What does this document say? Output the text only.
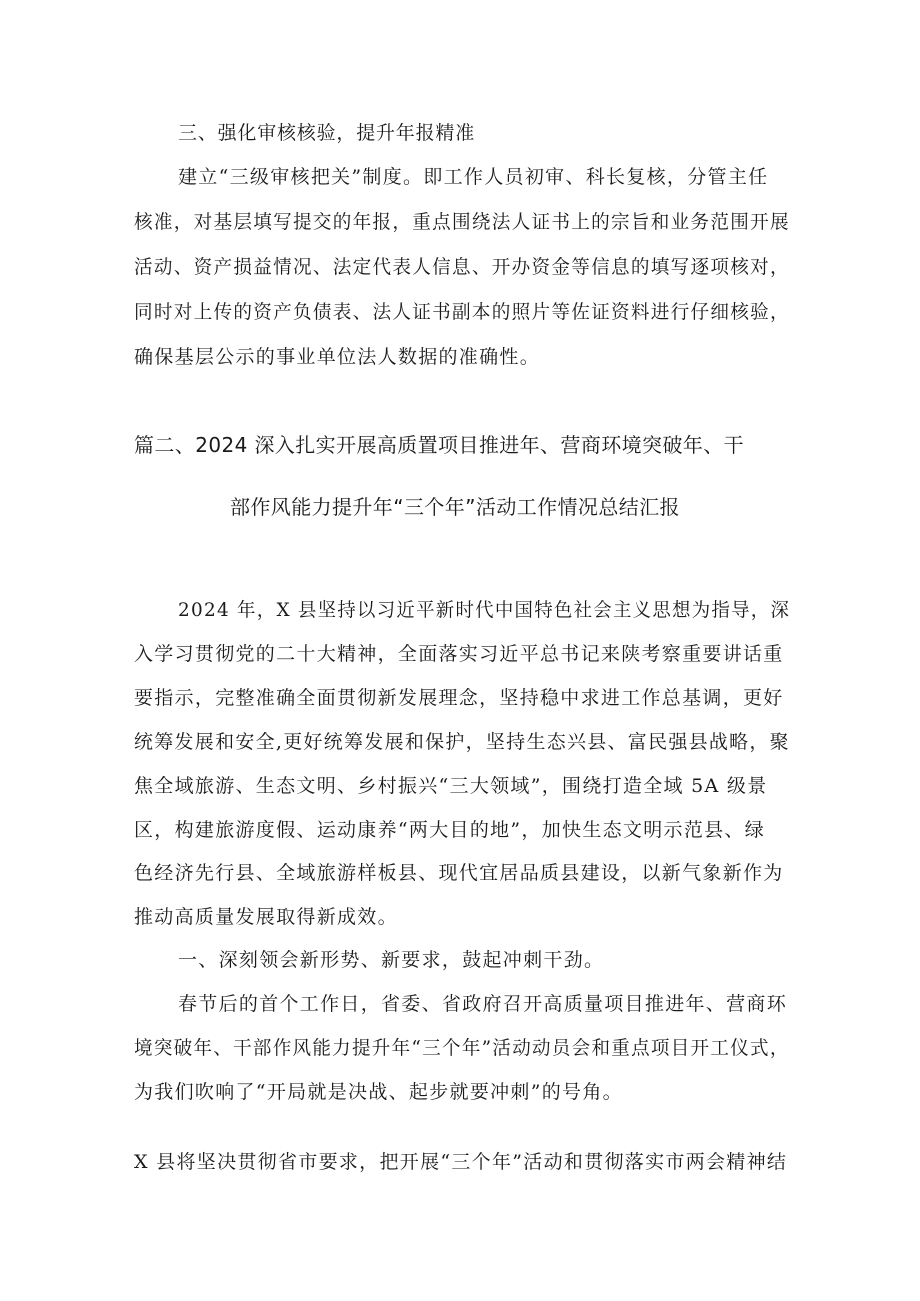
三、强化审核核验，提升年报精准
建立“三级审核把关”制度。即工作人员初审、科长复核，分管主任
核准，对基层填写提交的年报，重点围绕法人证书上的宗旨和业务范围开展
活动、资产损益情况、法定代表人信息、开办资金等信息的填写逐项核对，
同时对上传的资产负债表、法人证书副本的照片等佐证资料进行仔细核验，
确保基层公示的事业单位法人数据的准确性。
篇二、2024 深入扎实开展高质置项目推进年、营商环境突破年、干
部作风能力提升年“三个年”活动工作情况总结汇报
2024 年，X 县坚持以习近平新时代中国特色社会主义思想为指导，深
入学习贯彻党的二十大精神，全面落实习近平总书记来陕考察重要讲话重
要指示，完整准确全面贯彻新发展理念，坚持稳中求进工作总基调，更好
统筹发展和安全,更好统筹发展和保护，坚持生态兴县、富民强县战略，聚
焦全域旅游、生态文明、乡村振兴“三大领域”，围绕打造全域 5A 级景
区，构建旅游度假、运动康养“两大目的地”，加快生态文明示范县、绿
色经济先行县、全域旅游样板县、现代宜居品质县建设，以新气象新作为
推动高质量发展取得新成效。
一、深刻领会新形势、新要求，鼓起冲刺干劲。
春节后的首个工作日，省委、省政府召开高质量项目推进年、营商环
境突破年、干部作风能力提升年“三个年”活动动员会和重点项目开工仪式，
为我们吹响了“开局就是决战、起步就要冲刺”的号角。
X 县将坚决贯彻省市要求，把开展“三个年”活动和贯彻落实市两会精神结
